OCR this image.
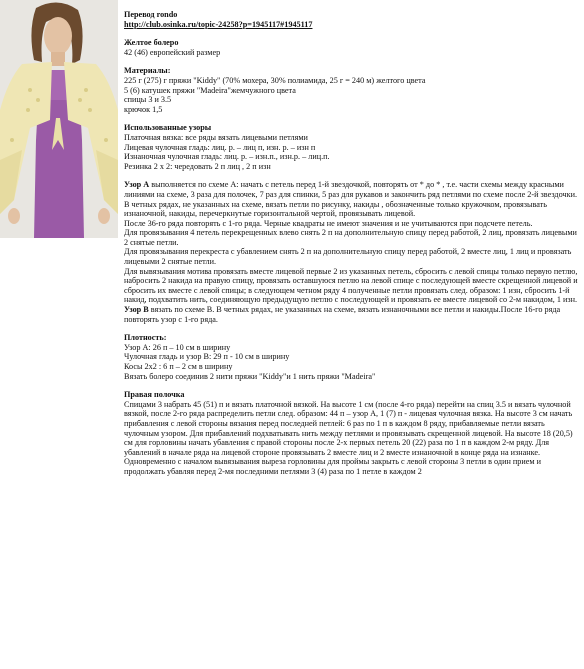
Перевод rondo

http://club.osinka.ru/topic-24258?p=1945117#1945117

Желтое болеро

42 (46) европейский размер

Материалы:

225 г (275) г пряжи "Kiddy" (70% мохера, 30% полиамида, 25 г = 240 м) желтого цвета

5 (6) катушек пряжи "Madeira"жемчужного цвета

спицы 3 и 3.5

крючок 1,5

Использованные узоры

Платочная вязка: все ряды вязать лицевыми петлями

Лицевая чулочная гладь: лиц. р. – лиц п, изн. р. – изн п

Изнаночная чулочная гладь: лиц. р. – изн.п., изн.р. – лиц.п.

Резинка 2 х 2: чередовать 2 п лиц , 2 п изн

Узор А выполняется по схеме А: начать с петель перед 1-й звездочкой, повторять от * до * , т.е. части схемы между красными линиями на схеме, 3 раза для полочек, 7 раз для спинки, 5 раз для рукавов и закончить ряд петлями по схеме после 2-й звездочки.

В четных рядах, не указанных на схеме, вязать петли по рисунку, накиды , обозначенные только кружочком, провязывать изнаночной, накиды, перечеркнутые горизонтальной чертой, провязывать лицевой.

После 36-го ряда повторять с 1-го ряда. Черные квадраты не имеют значения и не учитываются при подсчете петель.

Для провязывания 4 петель перекрещенных влево снять 2 п на дополнительную спицу перед работой, 2 лиц, провязать лицевыми 2 снятые петли.

Для провязывания перекреста с убавлением снять 2 п на дополнительную спицу перед работой, 2 вместе лиц, 1 лиц и провязать лицевыми 2 снятые петли.

Для вывязывания мотива провязать вместе лицевой первые 2 из указанных петель, сбросить с левой спицы только первую петлю, набросить 2 накида на правую спицу, провязать оставшуюся петлю на левой спице с последующей вместе скрещенной лицевой и сбросить их вместе с левой спицы; в следующем четном ряду 4 полученные петли провязать след. образом: 1 изн, сбросить 1-й накид, подхватить нить, соединяющую предыдущую петлю с последующей и провязать ее вместе лицевой со 2-м накидом, 1 изн.

Узор В вязать по схеме В. В четных рядах, не указанных на схеме, вязать изнаночными все петли и накиды.После 16-го ряда повторять узор с 1-го ряда.

Плотность:

Узор А: 26 п – 10 см в ширину

Чулочная гладь и узор В: 29 п - 10 см в ширину

Косы 2х2 : 6 п – 2 см в ширину

Вязать болеро соединив 2 нити пряжи "Kiddy"и 1 нить пряжи "Madeira"

Правая полочка

Спицами 3 набрать 45 (51) п и вязать платочной вязкой. На высоте 1 см (после 4-го ряда) перейти на спиц 3.5 и вязать чулочной вязкой, после 2-го ряда распределить петли след. образом: 44 п – узор А, 1 (7) п - лицевая чулочная вязка. На высоте 3 см начать прибавления с левой стороны вязания перед последней петлей: 6 раз по 1 п в каждом 8 ряду, прибавляемые петли вязать чулочным узором. Для прибавлений подхватывать нить между петлями и провязывать скрещенной лицевой. На высоте 18 (20,5) см для горловины начать убавления с правой стороны после 2-х первых петель 20 (22) раза по 1 п в каждом 2-м ряду. Для убавлений в начале ряда на лицевой стороне провязывать 2 вместе лиц и 2 вместе изнаночной в конце ряда на изнанке.

Одновременно с началом вывязывания выреза горловины для проймы закрыть с левой стороны 3 петли в один прием и продолжать убавляя перед 2-мя последними петлями 3 (4) раза по 1 петле в каждом 2
